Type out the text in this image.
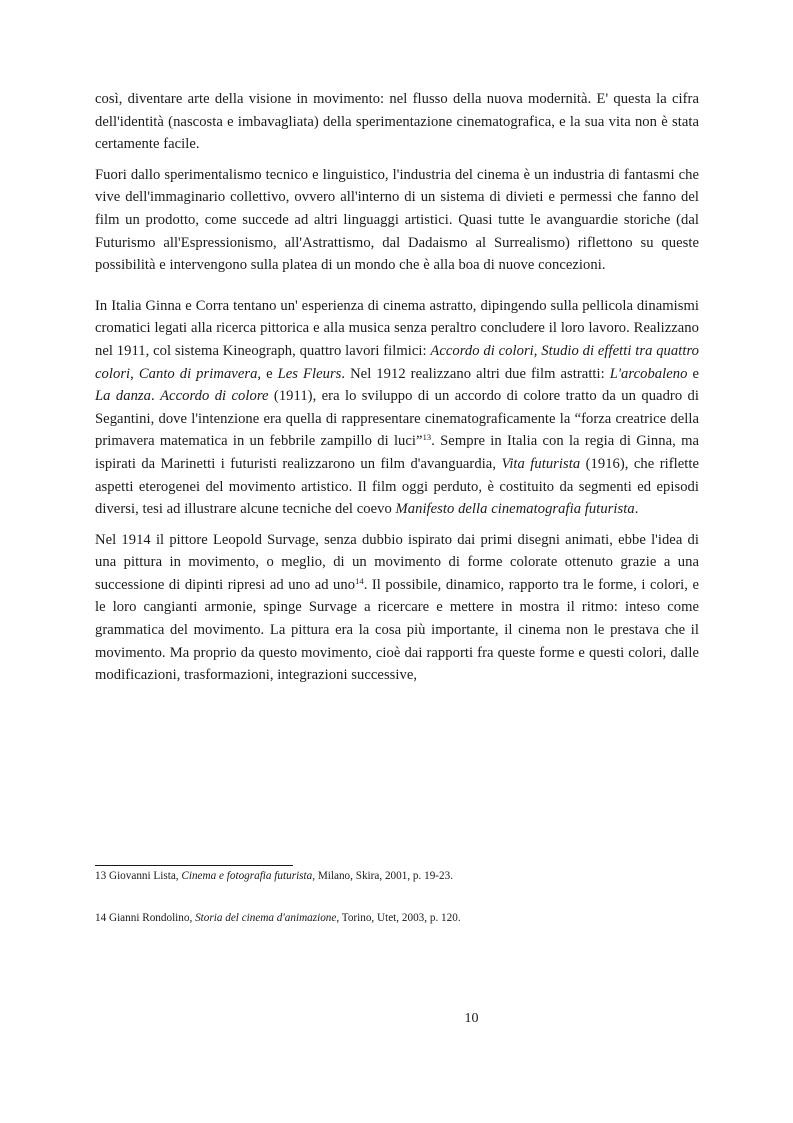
così, diventare arte della visione in movimento: nel flusso della nuova modernità. E' questa la cifra dell'identità (nascosta e imbavagliata) della sperimentazione cinematografica, e la sua vita non è stata certamente facile.

Fuori dallo sperimentalismo tecnico e linguistico, l'industria del cinema è un industria di fantasmi che vive dell'immaginario collettivo, ovvero all'interno di un sistema di divieti e permessi che fanno del film un prodotto, come succede ad altri linguaggi artistici. Quasi tutte le avanguardie storiche (dal Futurismo all'Espressionismo, all'Astrattismo, dal Dadaismo al Surrealismo) riflettono su queste possibilità e intervengono sulla platea di un mondo che è alla boa di nuove concezioni.

In Italia Ginna e Corra tentano un' esperienza di cinema astratto, dipingendo sulla pellicola dinamismi cromatici legati alla ricerca pittorica e alla musica senza peraltro concludere il loro lavoro. Realizzano nel 1911, col sistema Kineograph, quattro lavori filmici: Accordo di colori, Studio di effetti tra quattro colori, Canto di primavera, e Les Fleurs. Nel 1912 realizzano altri due film astratti: L'arcobaleno e La danza. Accordo di colore (1911), era lo sviluppo di un accordo di colore tratto da un quadro di Segantini, dove l'intenzione era quella di rappresentare cinematograficamente la “forza creatrice della primavera matematica in un febbrile zampillo di luci”$^{13}$. Sempre in Italia con la regia di Ginna, ma ispirati da Marinetti i futuristi realizzarono un film d'avanguardia, Vita futurista (1916), che riflette aspetti eterogenei del movimento artistico. Il film oggi perduto, è costituito da segmenti ed episodi diversi, tesi ad illustrare alcune tecniche del coevo Manifesto della cinematografia futurista.

Nel 1914 il pittore Leopold Survage, senza dubbio ispirato dai primi disegni animati, ebbe l'idea di una pittura in movimento, o meglio, di un movimento di forme colorate ottenuto grazie a una successione di dipinti ripresi ad uno ad uno$^{14}$. Il possibile, dinamico, rapporto tra le forme, i colori, e le loro cangianti armonie, spinge Survage a ricercare e mettere in mostra il ritmo: inteso come grammatica del movimento. La pittura era la cosa più importante, il cinema non le prestava che il movimento. Ma proprio da questo movimento, cioè dai rapporti fra queste forme e questi colori, dalle modificazioni, trasformazioni, integrazioni successive,

13 Giovanni Lista, Cinema e fotografia futurista, Milano, Skira, 2001, p. 19-23.

14 Gianni Rondolino, Storia del cinema d'animazione, Torino, Utet, 2003, p. 120.

10
